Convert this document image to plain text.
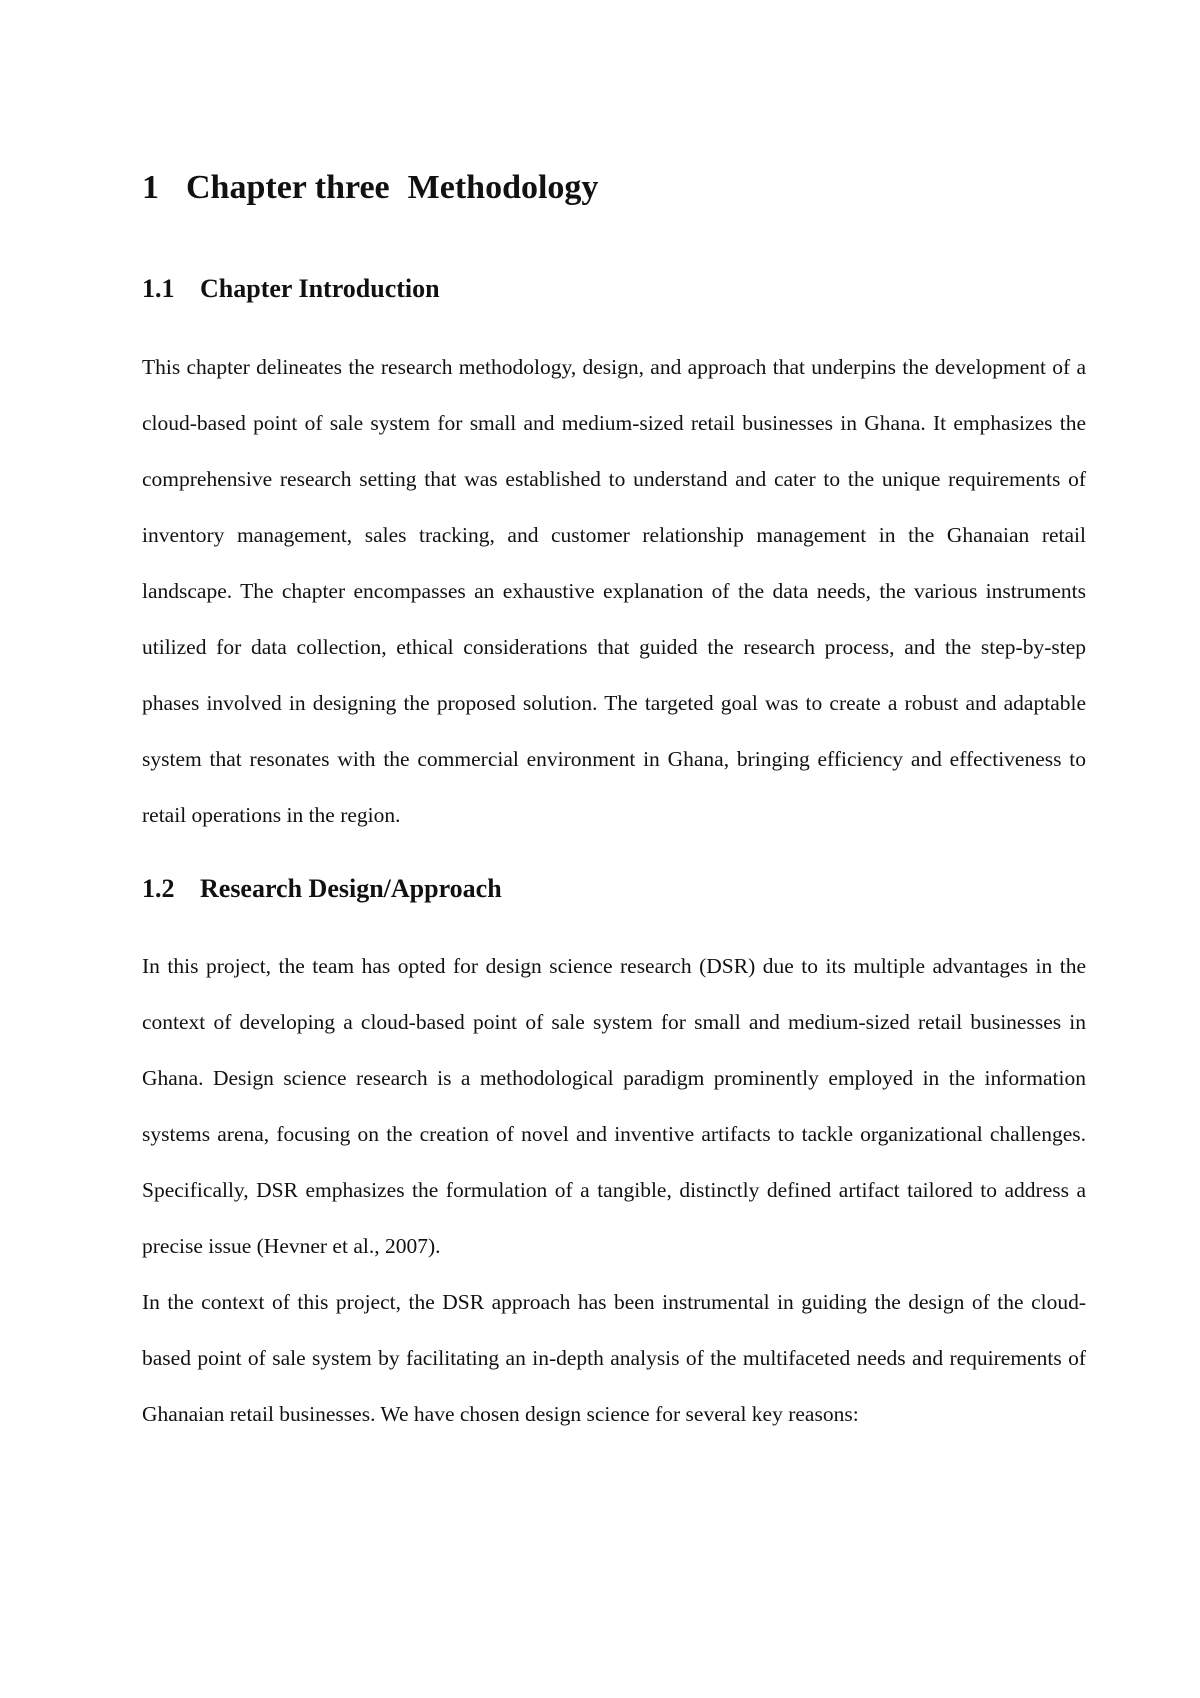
1 Chapter three Methodology
1.1 Chapter Introduction

This chapter delineates the research methodology, design, and approach that underpins the development of a cloud-based point of sale system for small and medium-sized retail businesses in Ghana. It emphasizes the comprehensive research setting that was established to understand and cater to the unique requirements of inventory management, sales tracking, and customer relationship management in the Ghanaian retail landscape. The chapter encompasses an exhaustive explanation of the data needs, the various instruments utilized for data collection, ethical considerations that guided the research process, and the step-by-step phases involved in designing the proposed solution. The targeted goal was to create a robust and adaptable system that resonates with the commercial environment in Ghana, bringing efficiency and effectiveness to retail operations in the region.

1.2 Research Design/Approach

In this project, the team has opted for design science research (DSR) due to its multiple advantages in the context of developing a cloud-based point of sale system for small and medium-sized retail businesses in Ghana. Design science research is a methodological paradigm prominently employed in the information systems arena, focusing on the creation of novel and inventive artifacts to tackle organizational challenges. Specifically, DSR emphasizes the formulation of a tangible, distinctly defined artifact tailored to address a precise issue (Hevner et al., 2007).

In the context of this project, the DSR approach has been instrumental in guiding the design of the cloud-based point of sale system by facilitating an in-depth analysis of the multifaceted needs and requirements of Ghanaian retail businesses. We have chosen design science for several key reasons:
